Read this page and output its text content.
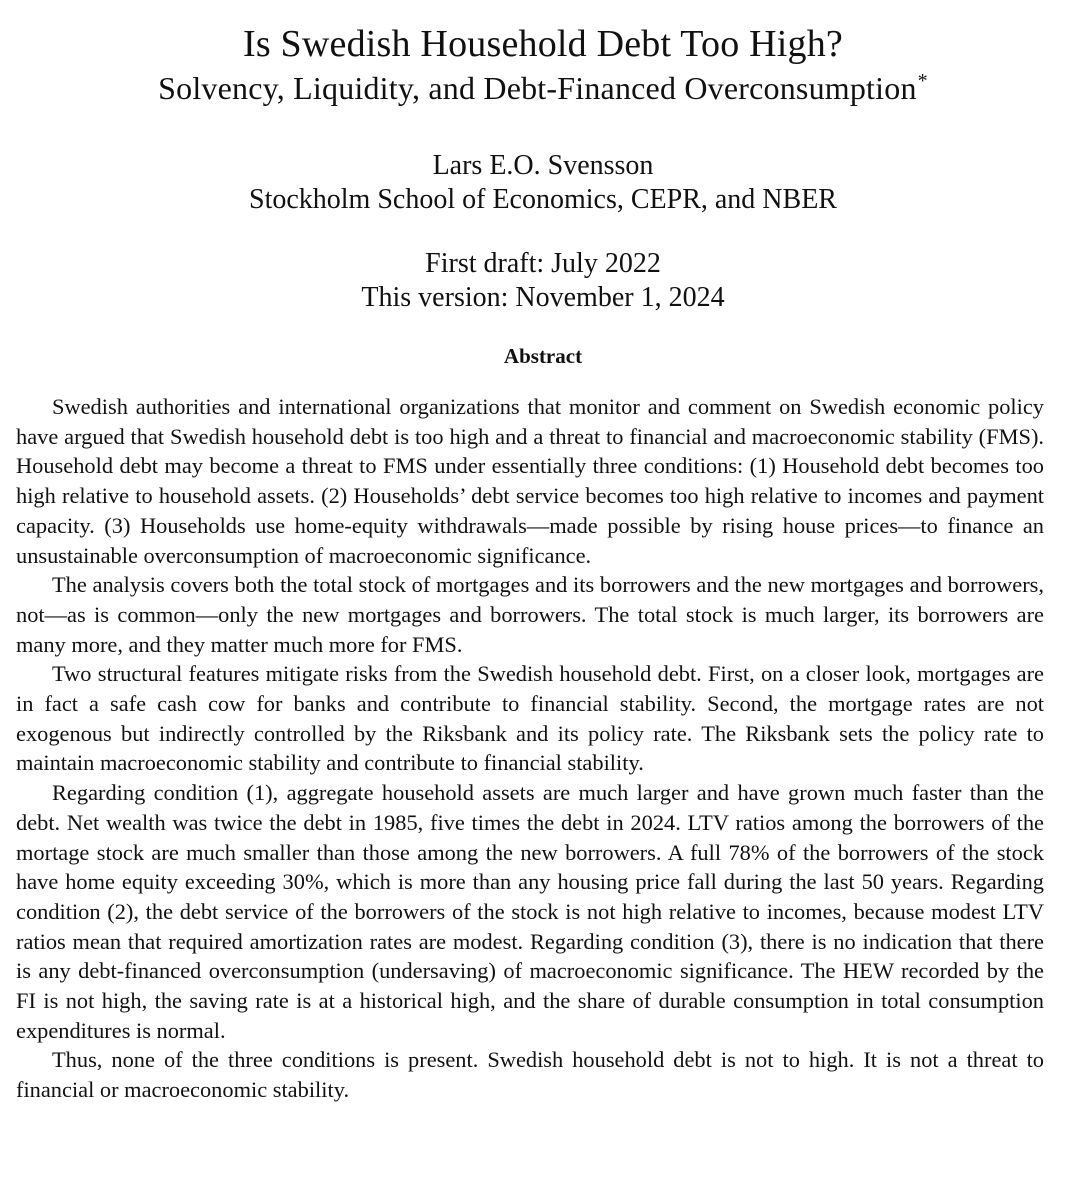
Is Swedish Household Debt Too High?
Solvency, Liquidity, and Debt-Financed Overconsumption*
Lars E.O. Svensson
Stockholm School of Economics, CEPR, and NBER
First draft: July 2022
This version: November 1, 2024
Abstract

Swedish authorities and international organizations that monitor and comment on Swedish economic policy have argued that Swedish household debt is too high and a threat to financial and macroeconomic stability (FMS). Household debt may become a threat to FMS under essentially three conditions: (1) Household debt becomes too high relative to household assets. (2) Households’ debt service becomes too high relative to incomes and payment capacity. (3) Households use home-equity withdrawals—made possible by rising house prices—to finance an unsustainable overconsumption of macroeconomic significance.

The analysis covers both the total stock of mortgages and its borrowers and the new mortgages and borrowers, not—as is common—only the new mortgages and borrowers. The total stock is much larger, its borrowers are many more, and they matter much more for FMS.

Two structural features mitigate risks from the Swedish household debt. First, on a closer look, mortgages are in fact a safe cash cow for banks and contribute to financial stability. Second, the mortgage rates are not exogenous but indirectly controlled by the Riksbank and its policy rate. The Riksbank sets the policy rate to maintain macroeconomic stability and contribute to financial stability.

Regarding condition (1), aggregate household assets are much larger and have grown much faster than the debt. Net wealth was twice the debt in 1985, five times the debt in 2024. LTV ratios among the borrowers of the mortage stock are much smaller than those among the new borrowers. A full 78% of the borrowers of the stock have home equity exceeding 30%, which is more than any housing price fall during the last 50 years. Regarding condition (2), the debt service of the borrowers of the stock is not high relative to incomes, because modest LTV ratios mean that required amortization rates are modest. Regarding condition (3), there is no indication that there is any debt-financed overconsumption (undersaving) of macroeconomic significance. The HEW recorded by the FI is not high, the saving rate is at a historical high, and the share of durable consumption in total consumption expenditures is normal.

Thus, none of the three conditions is present. Swedish household debt is not to high. It is not a threat to financial or macroeconomic stability.
